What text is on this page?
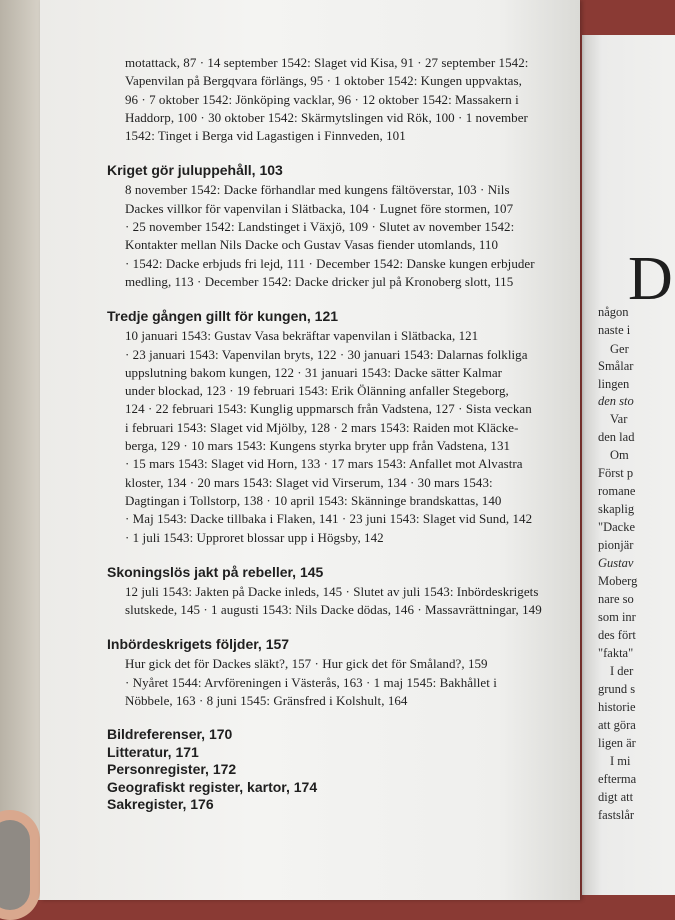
motattack, 87 · 14 september 1542: Slaget vid Kisa, 91 · 27 september 1542:
Vapenvilan på Bergqvara förlängs, 95 · 1 oktober 1542: Kungen uppvaktas,
96 · 7 oktober 1542: Jönköping vacklar, 96 · 12 oktober 1542: Massakern i
Haddorp, 100 · 30 oktober 1542: Skärmytslingen vid Rök, 100 · 1 november
1542: Tinget i Berga vid Lagastigen i Finnveden, 101
Kriget gör juluppehåll, 103
8 november 1542: Dacke förhandlar med kungens fältöverstar, 103 · Nils
Dackes villkor för vapenvilan i Slätbacka, 104 · Lugnet före stormen, 107
· 25 november 1542: Landstinget i Växjö, 109 · Slutet av november 1542:
Kontakter mellan Nils Dacke och Gustav Vasas fiender utomlands, 110
· 1542: Dacke erbjuds fri lejd, 111 · December 1542: Danske kungen erbjuder
medling, 113 · December 1542: Dacke dricker jul på Kronoberg slott, 115
Tredje gången gillt för kungen, 121
10 januari 1543: Gustav Vasa bekräftar vapenvilan i Slätbacka, 121
· 23 januari 1543: Vapenvilan bryts, 122 · 30 januari 1543: Dalarnas folkliga
uppslutning bakom kungen, 122 · 31 januari 1543: Dacke sätter Kalmar
under blockad, 123 · 19 februari 1543: Erik Ölänning anfaller Stegeborg,
124 · 22 februari 1543: Kunglig uppmarsch från Vadstena, 127 · Sista veckan
i februari 1543: Slaget vid Mjölby, 128 · 2 mars 1543: Raiden mot Kläcke-
berga, 129 · 10 mars 1543: Kungens styrka bryter upp från Vadstena, 131
· 15 mars 1543: Slaget vid Horn, 133 · 17 mars 1543: Anfallet mot Alvastra
kloster, 134 · 20 mars 1543: Slaget vid Virserum, 134 · 30 mars 1543:
Dagtingan i Tollstorp, 138 · 10 april 1543: Skänninge brandskattas, 140
· Maj 1543: Dacke tillbaka i Flaken, 141 · 23 juni 1543: Slaget vid Sund, 142
· 1 juli 1543: Upproret blossar upp i Högsby, 142
Skoningslös jakt på rebeller, 145
12 juli 1543: Jakten på Dacke inleds, 145 · Slutet av juli 1543: Inbördeskrigets
slutskede, 145 · 1 augusti 1543: Nils Dacke dödas, 146 · Massavrättningar, 149
Inbördeskrigets följder, 157
Hur gick det för Dackes släkt?, 157 · Hur gick det för Småland?, 159
· Nyåret 1544: Arvföreningen i Västerås, 163 · 1 maj 1545: Bakhållet i
Nöbbele, 163 · 8 juni 1545: Gränsfred i Kolshult, 164
Bildreferenser, 170
Litteratur, 171
Personregister, 172
Geografiskt register, kartor, 174
Sakregister, 176
D
någon
naste i
Ger
Smålar
lingen
den sto
Var
den lad
Om
Först p
romane
skaplig
"Dacke
pionjär
Gustav
Moberg
nare so
som inr
des fört
"fakta"
I der
grund s
historie
att göra
ligen är
I mi
efterma
digt att
fastslår
